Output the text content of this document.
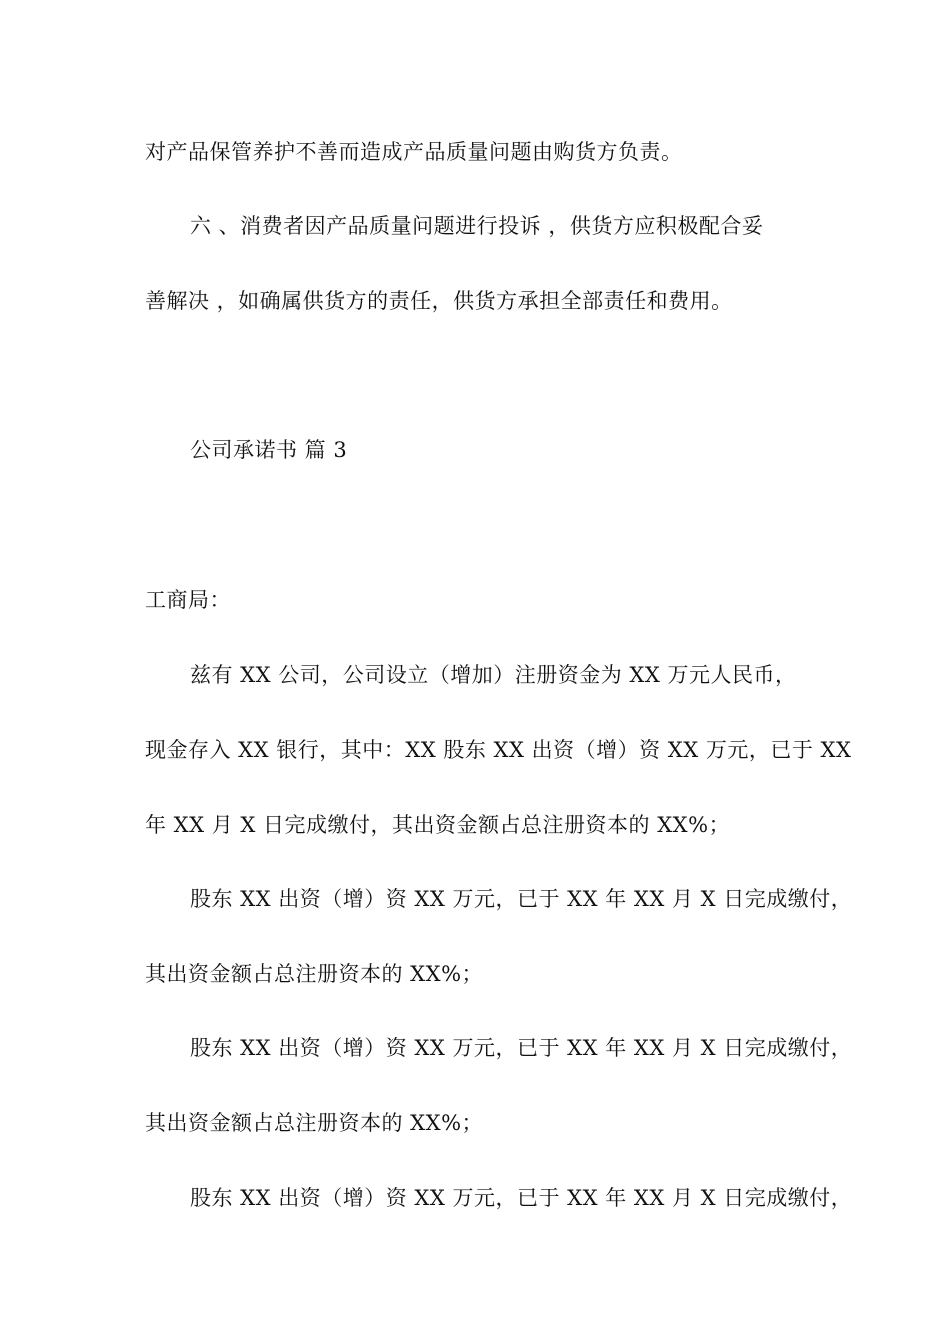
对产品保管养护不善而造成产品质量问题由购货方负责。
六 、消费者因产品质量问题进行投诉 ，供货方应积极配合妥
善解决 ，如确属供货方的责任，供货方承担全部责任和费用。
公司承诺书 篇 3
工商局：
兹有 XX 公司，公司设立（增加）注册资金为 XX 万元人民币，
现金存入 XX 银行，其中：XX 股东 XX 出资（增）资 XX 万元，已于 XX
年 XX 月 X 日完成缴付，其出资金额占总注册资本的 XX%；
股东 XX 出资（增）资 XX 万元，已于 XX 年 XX 月 X 日完成缴付，
其出资金额占总注册资本的 XX%；
股东 XX 出资（增）资 XX 万元，已于 XX 年 XX 月 X 日完成缴付，
其出资金额占总注册资本的 XX%；
股东 XX 出资（增）资 XX 万元，已于 XX 年 XX 月 X 日完成缴付，
